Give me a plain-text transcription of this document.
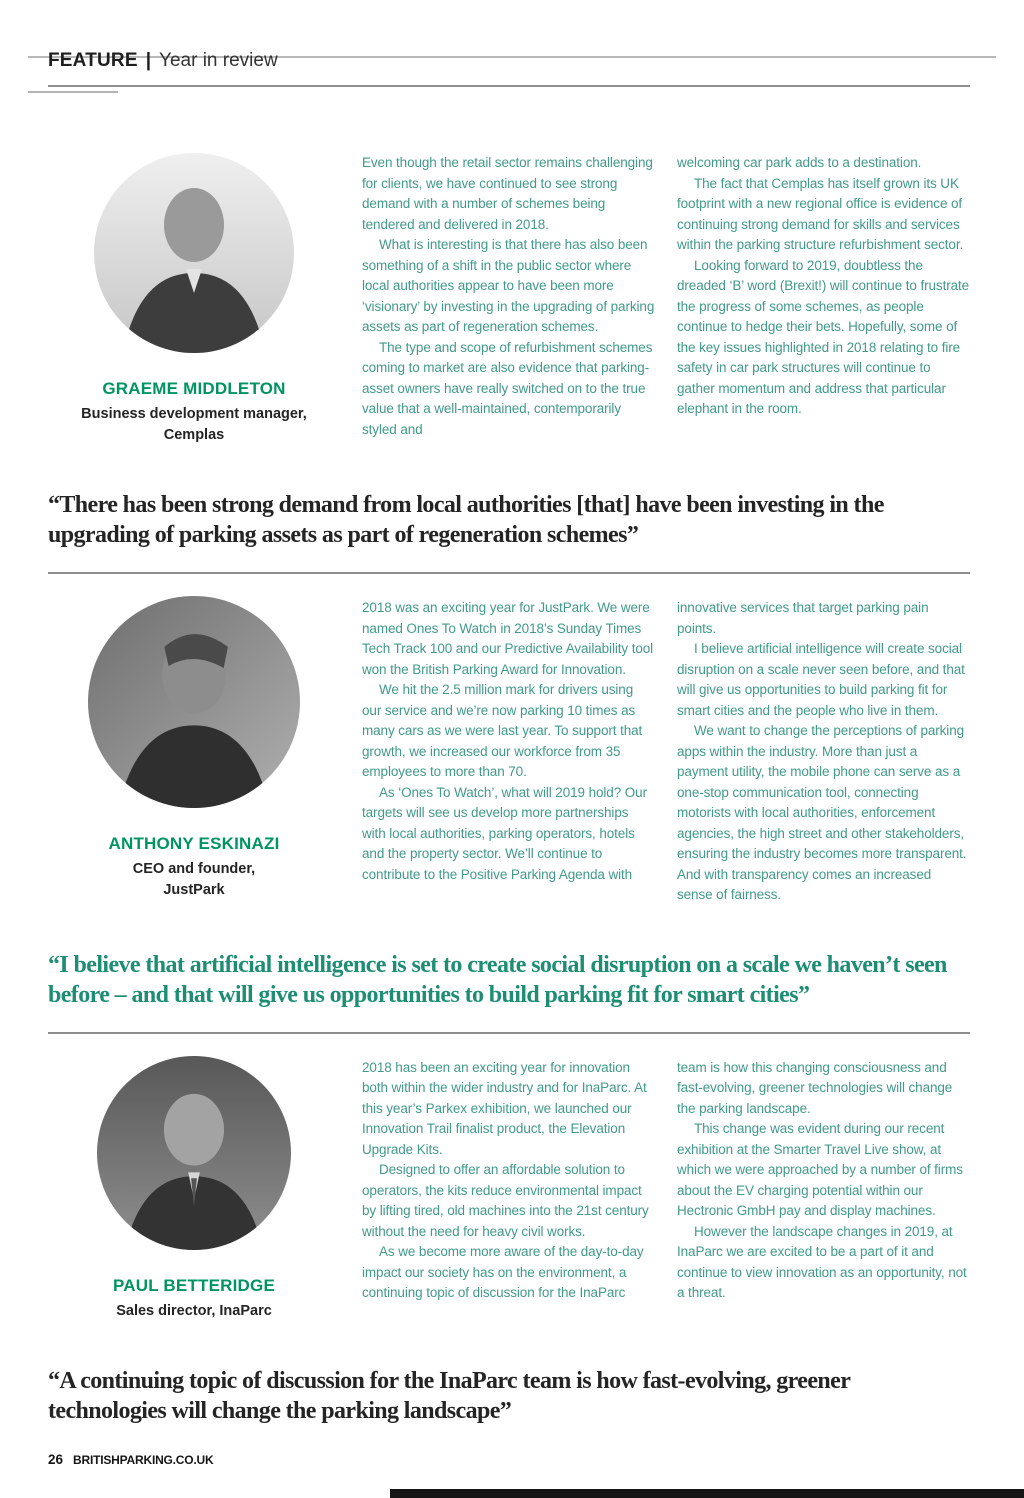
FEATURE | Year in review
GRAEME MIDDLETON
Business development manager,
Cemplas

Even though the retail sector remains challenging for clients, we have continued to see strong demand with a number of schemes being tendered and delivered in 2018.

What is interesting is that there has also been something of a shift in the public sector where local authorities appear to have been more ‘visionary’ by investing in the upgrading of parking assets as part of regeneration schemes.

The type and scope of refurbishment schemes coming to market are also evidence that parking-asset owners have really switched on to the true value that a well-maintained, contemporarily styled and

welcoming car park adds to a destination.

The fact that Cemplas has itself grown its UK footprint with a new regional office is evidence of continuing strong demand for skills and services within the parking structure refurbishment sector.

Looking forward to 2019, doubtless the dreaded ‘B’ word (Brexit!) will continue to frustrate the progress of some schemes, as people continue to hedge their bets. Hopefully, some of the key issues highlighted in 2018 relating to fire safety in car park structures will continue to gather momentum and address that particular elephant in the room.

“There has been strong demand from local authorities [that] have been investing in the upgrading of parking assets as part of regeneration schemes”
ANTHONY ESKINAZI
CEO and founder,
JustPark

2018 was an exciting year for JustPark. We were named Ones To Watch in 2018’s Sunday Times Tech Track 100 and our Predictive Availability tool won the British Parking Award for Innovation.

We hit the 2.5 million mark for drivers using our service and we’re now parking 10 times as many cars as we were last year. To support that growth, we increased our workforce from 35 employees to more than 70.

As ‘Ones To Watch’, what will 2019 hold? Our targets will see us develop more partnerships with local authorities, parking operators, hotels and the property sector. We’ll continue to contribute to the Positive Parking Agenda with

innovative services that target parking pain points.

I believe artificial intelligence will create social disruption on a scale never seen before, and that will give us opportunities to build parking fit for smart cities and the people who live in them.

We want to change the perceptions of parking apps within the industry. More than just a payment utility, the mobile phone can serve as a one-stop communication tool, connecting motorists with local authorities, enforcement agencies, the high street and other stakeholders, ensuring the industry becomes more transparent. And with transparency comes an increased sense of fairness.

“I believe that artificial intelligence is set to create social disruption on a scale we haven’t seen before – and that will give us opportunities to build parking fit for smart cities”
PAUL BETTERIDGE
Sales director, InaParc

2018 has been an exciting year for innovation both within the wider industry and for InaParc. At this year’s Parkex exhibition, we launched our Innovation Trail finalist product, the Elevation Upgrade Kits.

Designed to offer an affordable solution to operators, the kits reduce environmental impact by lifting tired, old machines into the 21st century without the need for heavy civil works.

As we become more aware of the day-to-day impact our society has on the environment, a continuing topic of discussion for the InaParc

team is how this changing consciousness and fast-evolving, greener technologies will change the parking landscape.

This change was evident during our recent exhibition at the Smarter Travel Live show, at which we were approached by a number of firms about the EV charging potential within our Hectronic GmbH pay and display machines.

However the landscape changes in 2019, at InaParc we are excited to be a part of it and continue to view innovation as an opportunity, not a threat.

“A continuing topic of discussion for the InaParc team is how fast-evolving, greener technologies will change the parking landscape”
26 BRITISHPARKING.CO.UK
